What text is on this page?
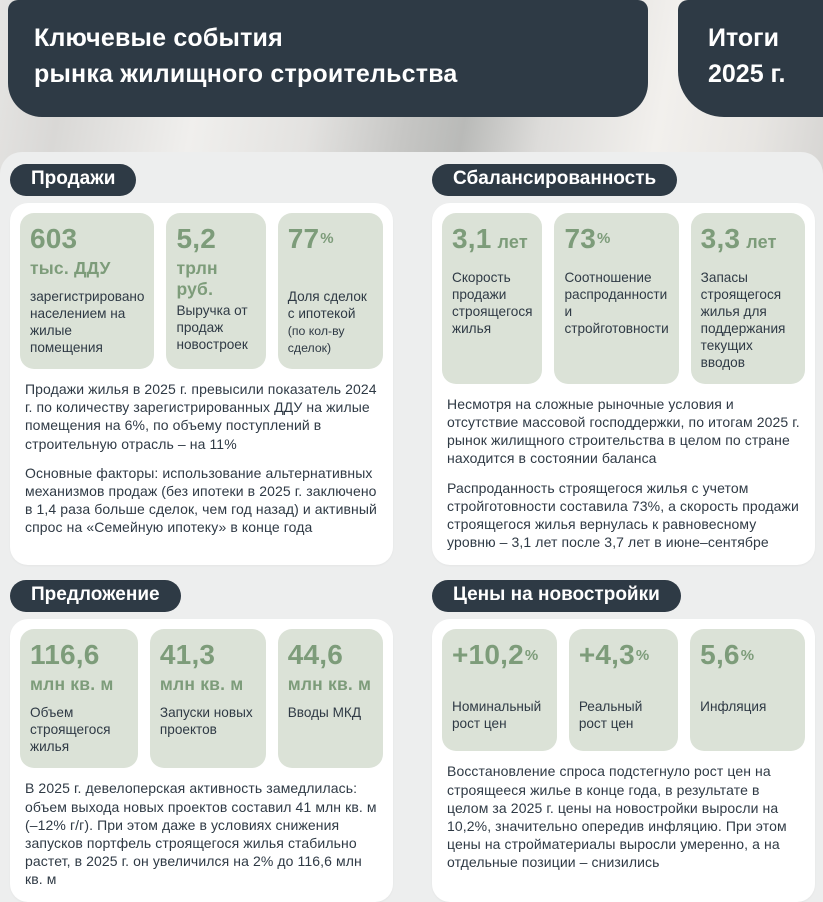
Ключевые события
рынка жилищного строительства
Итоги
2025 г.
Продажи
603
тыс. ДДУ
зарегистрировано населением на жилые помещения
5,2
трлн руб.
Выручка от продаж новостроек
77%
Доля сделок с ипотекой (по кол-ву сделок)

Продажи жилья в 2025 г. превысили показатель 2024 г. по количеству зарегистрированных ДДУ на жилые помещения на 6%, по объему поступлений в строительную отрасль – на 11%

Основные факторы: использование альтернативных механизмов продаж (без ипотеки в 2025 г. заключено в 1,4 раза больше сделок, чем год назад) и активный спрос на «Семейную ипотеку» в конце года

Сбалансированность
3,1 лет
Скорость продажи строящегося жилья
73%
Соотношение распроданности и стройготовности
3,3 лет
Запасы строящегося жилья для поддержания текущих вводов

Несмотря на сложные рыночные условия и отсутствие массовой господдержки, по итогам 2025 г. рынок жилищного строительства в целом по стране находится в состоянии баланса

Распроданность строящегося жилья с учетом стройготовности составила 73%, а скорость продажи строящегося жилья вернулась к равновесному уровню – 3,1 лет после 3,7 лет в июне–сентябре

Предложение
116,6
млн кв. м
Объем строящегося жилья
41,3
млн кв. м
Запуски новых проектов
44,6
млн кв. м
Вводы МКД

В 2025 г. девелоперская активность замедлилась: объем выхода новых проектов составил 41 млн кв. м (–12% г/г). При этом даже в условиях снижения запусков портфель строящегося жилья стабильно растет, в 2025 г. он увеличился на 2% до 116,6 млн кв. м

Цены на новостройки
+10,2%
Номинальный рост цен
+4,3%
Реальный рост цен
5,6%
Инфляция

Восстановление спроса подстегнуло рост цен на строящееся жилье в конце года, в результате в целом за 2025 г. цены на новостройки выросли на 10,2%, значительно опередив инфляцию. При этом цены на стройматериалы выросли умеренно, а на отдельные позиции – снизились
